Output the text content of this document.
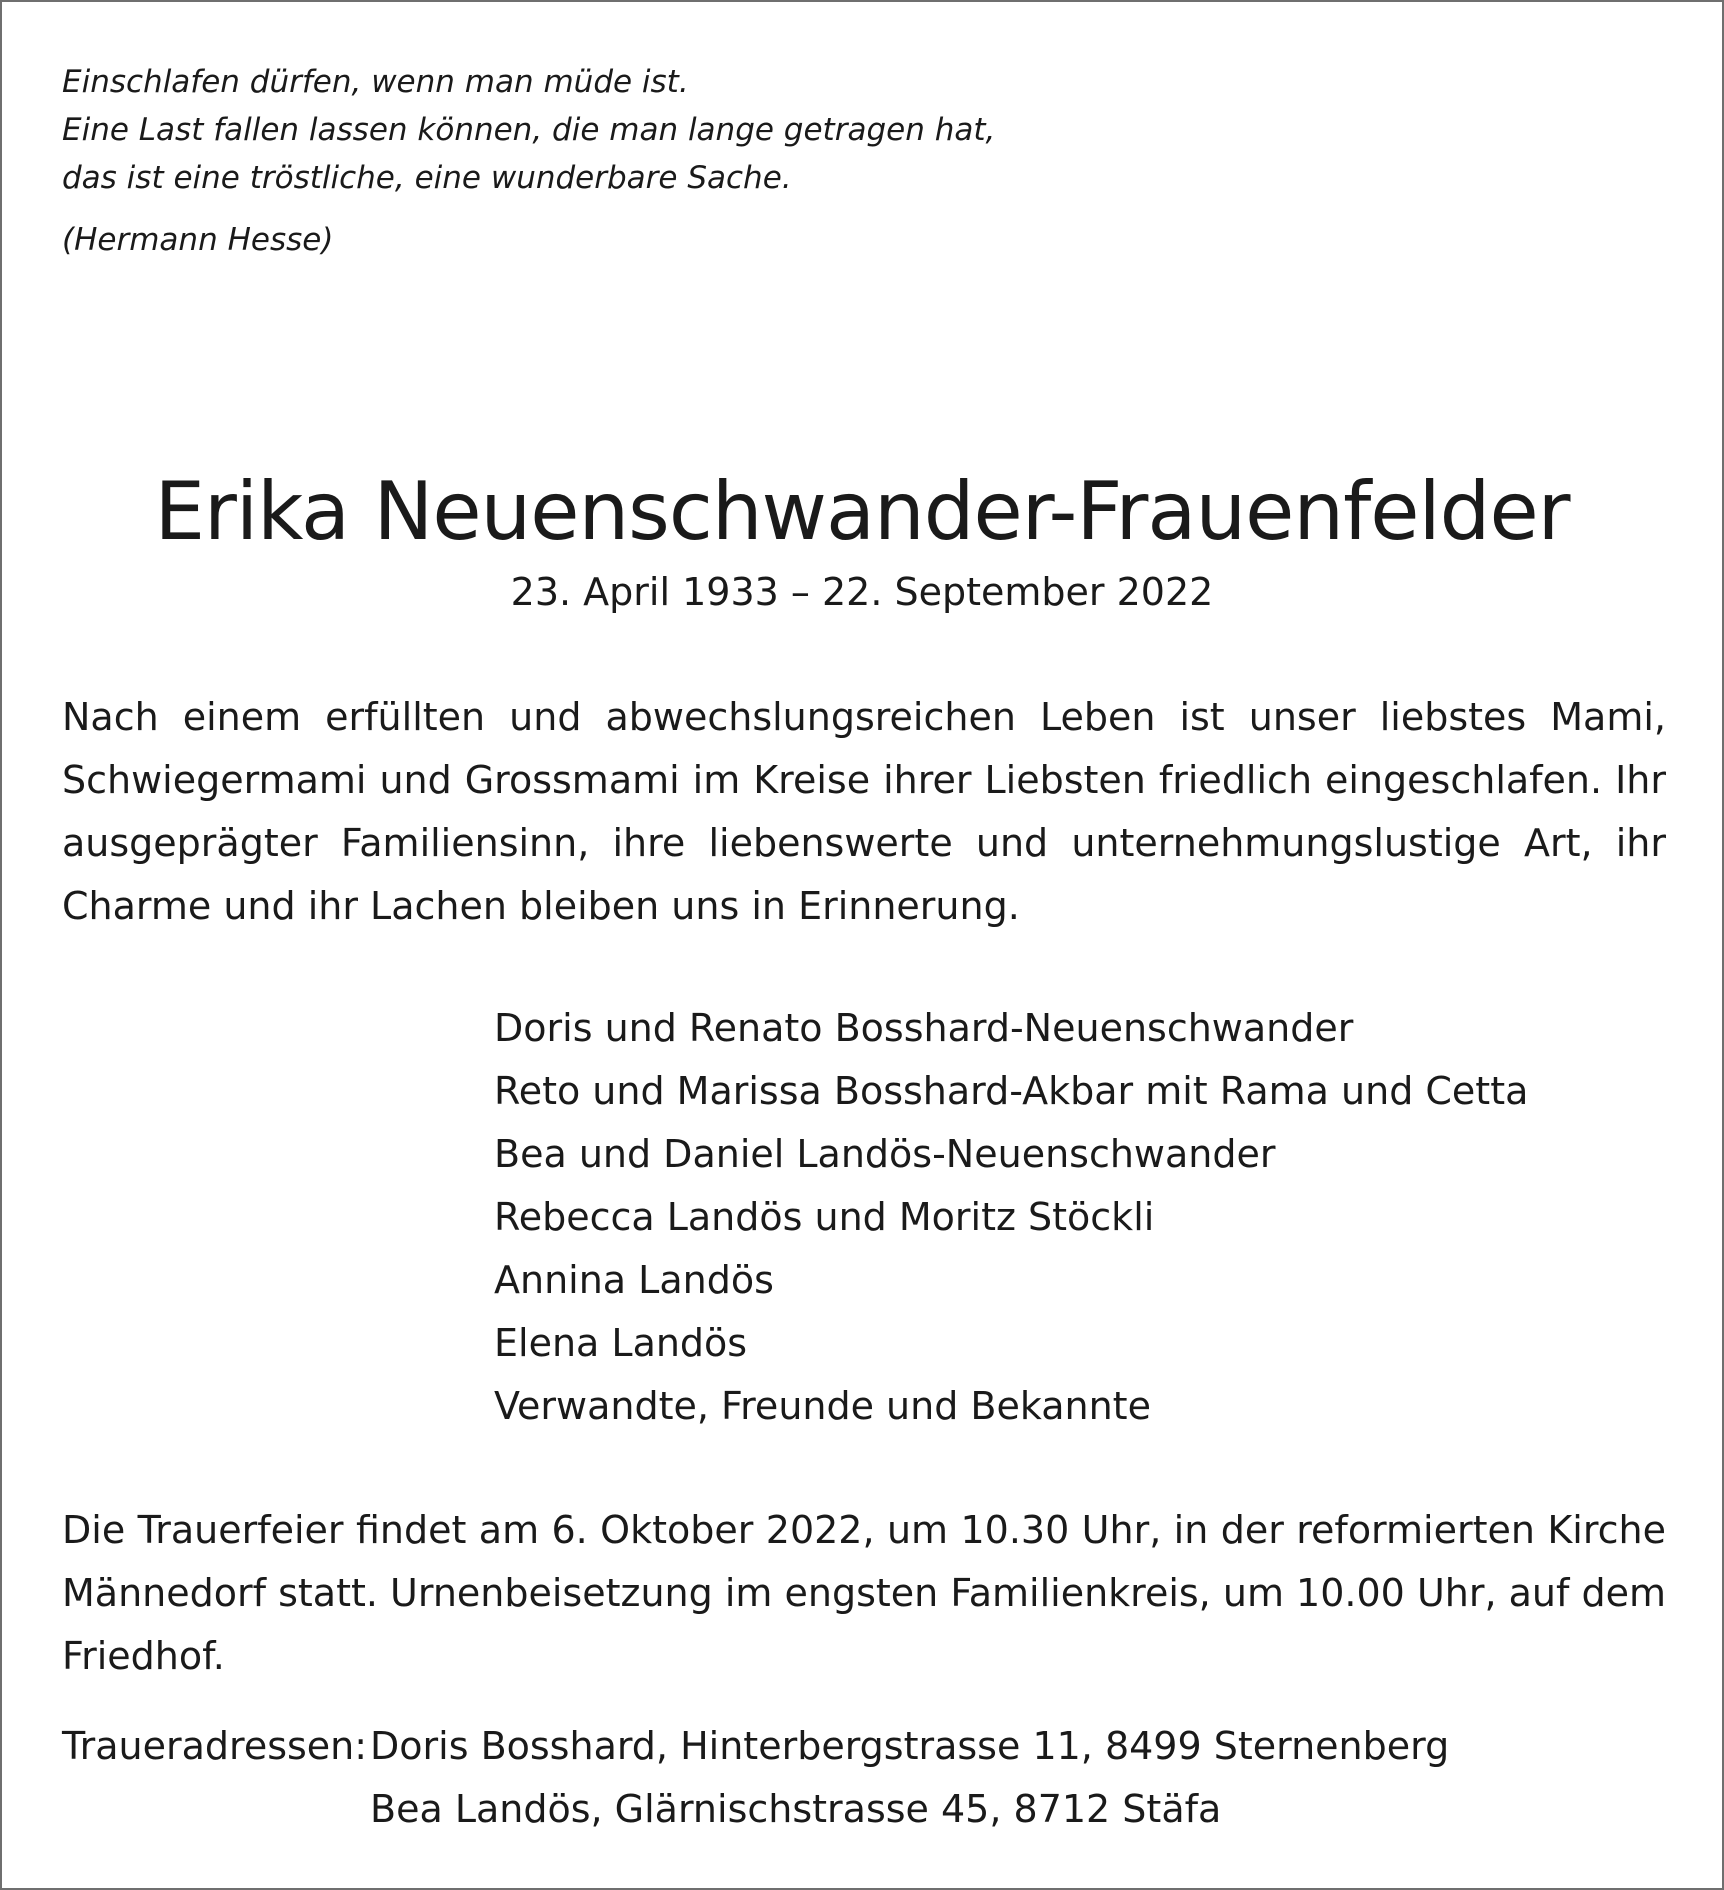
Einschlafen dürfen, wenn man müde ist.
Eine Last fallen lassen können, die man lange getragen hat,
das ist eine tröstliche, eine wunderbare Sache.
(Hermann Hesse)
Erika Neuenschwander-Frauenfelder
23. April 1933 – 22. September 2022
Nach einem erfüllten und abwechslungsreichen Leben ist unser liebstes Mami, Schwiegermami und Grossmami im Kreise ihrer Liebsten friedlich eingeschlafen. Ihr ausgeprägter Familiensinn, ihre liebenswerte und unternehmungslustige Art, ihr Charme und ihr Lachen bleiben uns in Erinnerung.
Doris und Renato Bosshard-Neuenschwander
Reto und Marissa Bosshard-Akbar mit Rama und Cetta
Bea und Daniel Landös-Neuenschwander
Rebecca Landös und Moritz Stöckli
Annina Landös
Elena Landös
Verwandte, Freunde und Bekannte
Die Trauerfeier findet am 6. Oktober 2022, um 10.30 Uhr, in der reformierten Kirche Männedorf statt. Urnenbeisetzung im engsten Familienkreis, um 10.00 Uhr, auf dem Friedhof.
Traueradressen: Doris Bosshard, Hinterbergstrasse 11, 8499 Sternenberg
Bea Landös, Glärnischstrasse 45, 8712 Stäfa
